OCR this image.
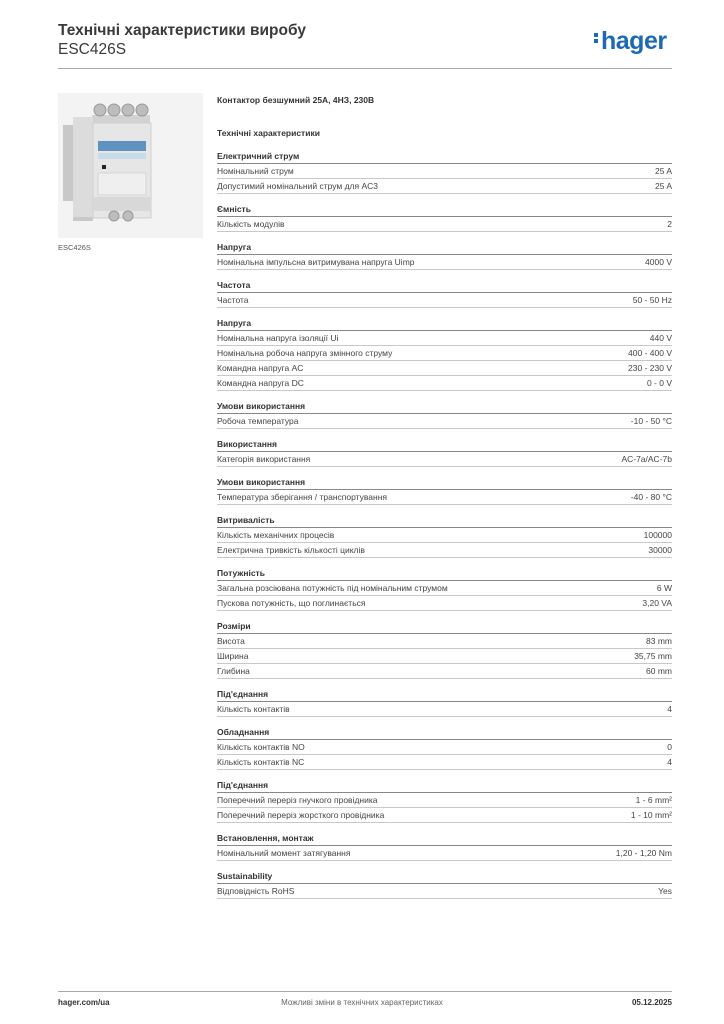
Технічні характеристики виробу
ESC426S	hager
ESC426S
Контактор безшумний 25A, 4НЗ, 230В
Технічні характеристики
Електричний струм
Номінальний струм	25 A
Допустимий номінальний струм для AC3	25 A
Ємність
Кількість модулів	2
Напруга
Номінальна імпульсна витримувана напруга Uimp	4000 V
Частота
Частота	50 - 50 Hz
Напруга
Номінальна напруга ізоляції Ui	440 V
Номінальна робоча напруга змінного струму	400 - 400 V
Командна напруга AC	230 - 230 V
Командна напруга DC	0 - 0 V
Умови використання
Робоча температура	-10 - 50 °C
Використання
Категорія використання	AC-7a/AC-7b
Умови використання
Температура зберігання / транспортування	-40 - 80 °C
Витривалість
Кількість механічних процесів	100000
Електрична тривкість кількості циклів	30000
Потужність
Загальна розсіювана потужність під номінальним струмом	6 W
Пускова потужність, що поглинається	3,20 VA
Розміри
Висота	83 mm
Ширина	35,75 mm
Глибина	60 mm
Під'єднання
Кількість контактів	4
Обладнання
Кількість контактів NO	0
Кількість контактів NC	4
Під'єднання
Поперечний переріз гнучкого провідника	1 - 6 mm²
Поперечний переріз жорсткого провідника	1 - 10 mm²
Встановлення, монтаж
Номінальний момент затягування	1,20 - 1,20 Nm
Sustainability
Відповідність RoHS	Yes
hager.com/ua	Можливі зміни в технічних характеристиках	05.12.2025
